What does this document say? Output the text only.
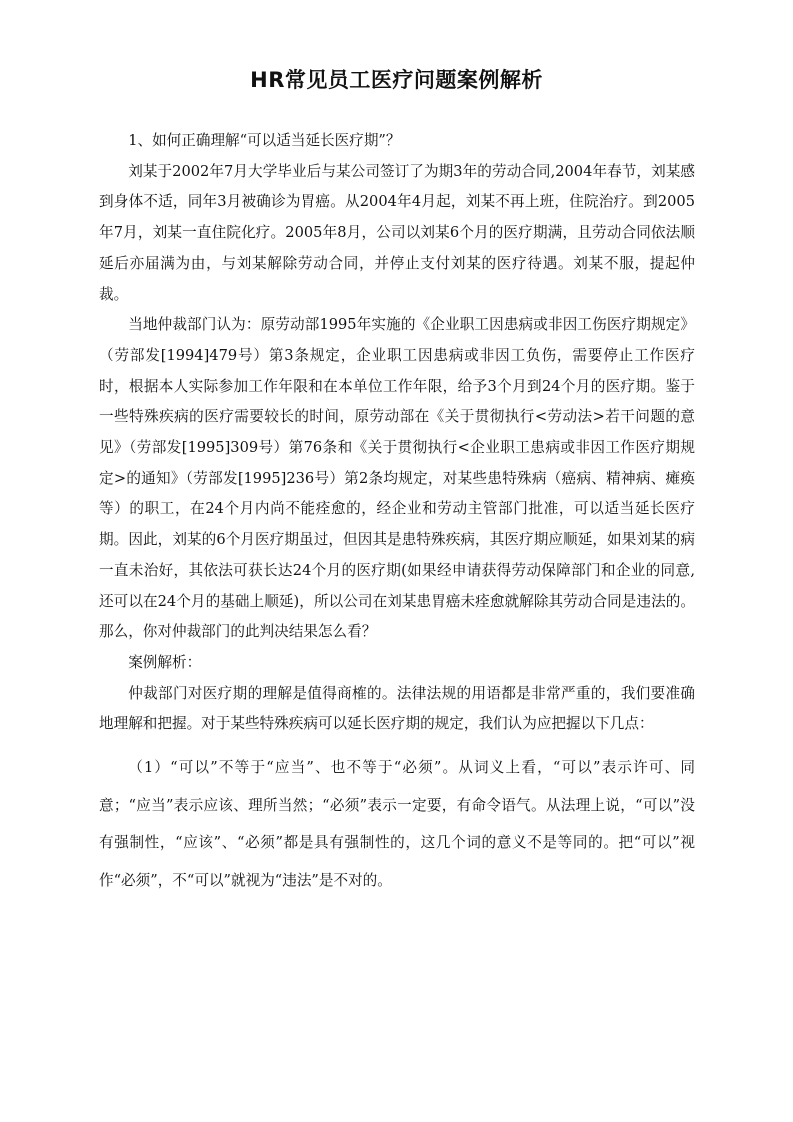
HR常见员工医疗问题案例解析

1、如何正确理解“可以适当延长医疗期”？

刘某于2002年7月大学毕业后与某公司签订了为期3年的劳动合同,2004年春节，刘某感到身体不适，同年3月被确诊为胃癌。从2004年4月起，刘某不再上班，住院治疗。到2005年7月，刘某一直住院化疗。2005年8月，公司以刘某6个月的医疗期满，且劳动合同依法顺延后亦届满为由，与刘某解除劳动合同，并停止支付刘某的医疗待遇。刘某不服，提起仲裁。

当地仲裁部门认为：原劳动部1995年实施的《企业职工因患病或非因工伤医疗期规定》（劳部发[1994]479号）第3条规定，企业职工因患病或非因工负伤，需要停止工作医疗时，根据本人实际参加工作年限和在本单位工作年限，给予3个月到24个月的医疗期。鉴于一些特殊疾病的医疗需要较长的时间，原劳动部在《关于贯彻执行<劳动法>若干问题的意见》（劳部发[1995]309号）第76条和《关于贯彻执行<企业职工患病或非因工作医疗期规定>的通知》（劳部发[1995]236号）第2条均规定，对某些患特殊病（癌病、精神病、瘫痪等）的职工，在24个月内尚不能痊愈的，经企业和劳动主管部门批准，可以适当延长医疗期。因此，刘某的6个月医疗期虽过，但因其是患特殊疾病，其医疗期应顺延，如果刘某的病一直未治好，其依法可获长达24个月的医疗期(如果经申请获得劳动保障部门和企业的同意,还可以在24个月的基础上顺延)，所以公司在刘某患胃癌未痊愈就解除其劳动合同是违法的。那么，你对仲裁部门的此判决结果怎么看？

案例解析：

仲裁部门对医疗期的理解是值得商榷的。法律法规的用语都是非常严重的，我们要准确地理解和把握。对于某些特殊疾病可以延长医疗期的规定，我们认为应把握以下几点：

（1）“可以”不等于“应当”、也不等于“必须”。从词义上看，“可以”表示许可、同意；“应当”表示应该、理所当然；“必须”表示一定要，有命令语气。从法理上说，“可以”没有强制性，“应该”、“必须”都是具有强制性的，这几个词的意义不是等同的。把“可以”视作“必须”，不“可以”就视为“违法”是不对的。
